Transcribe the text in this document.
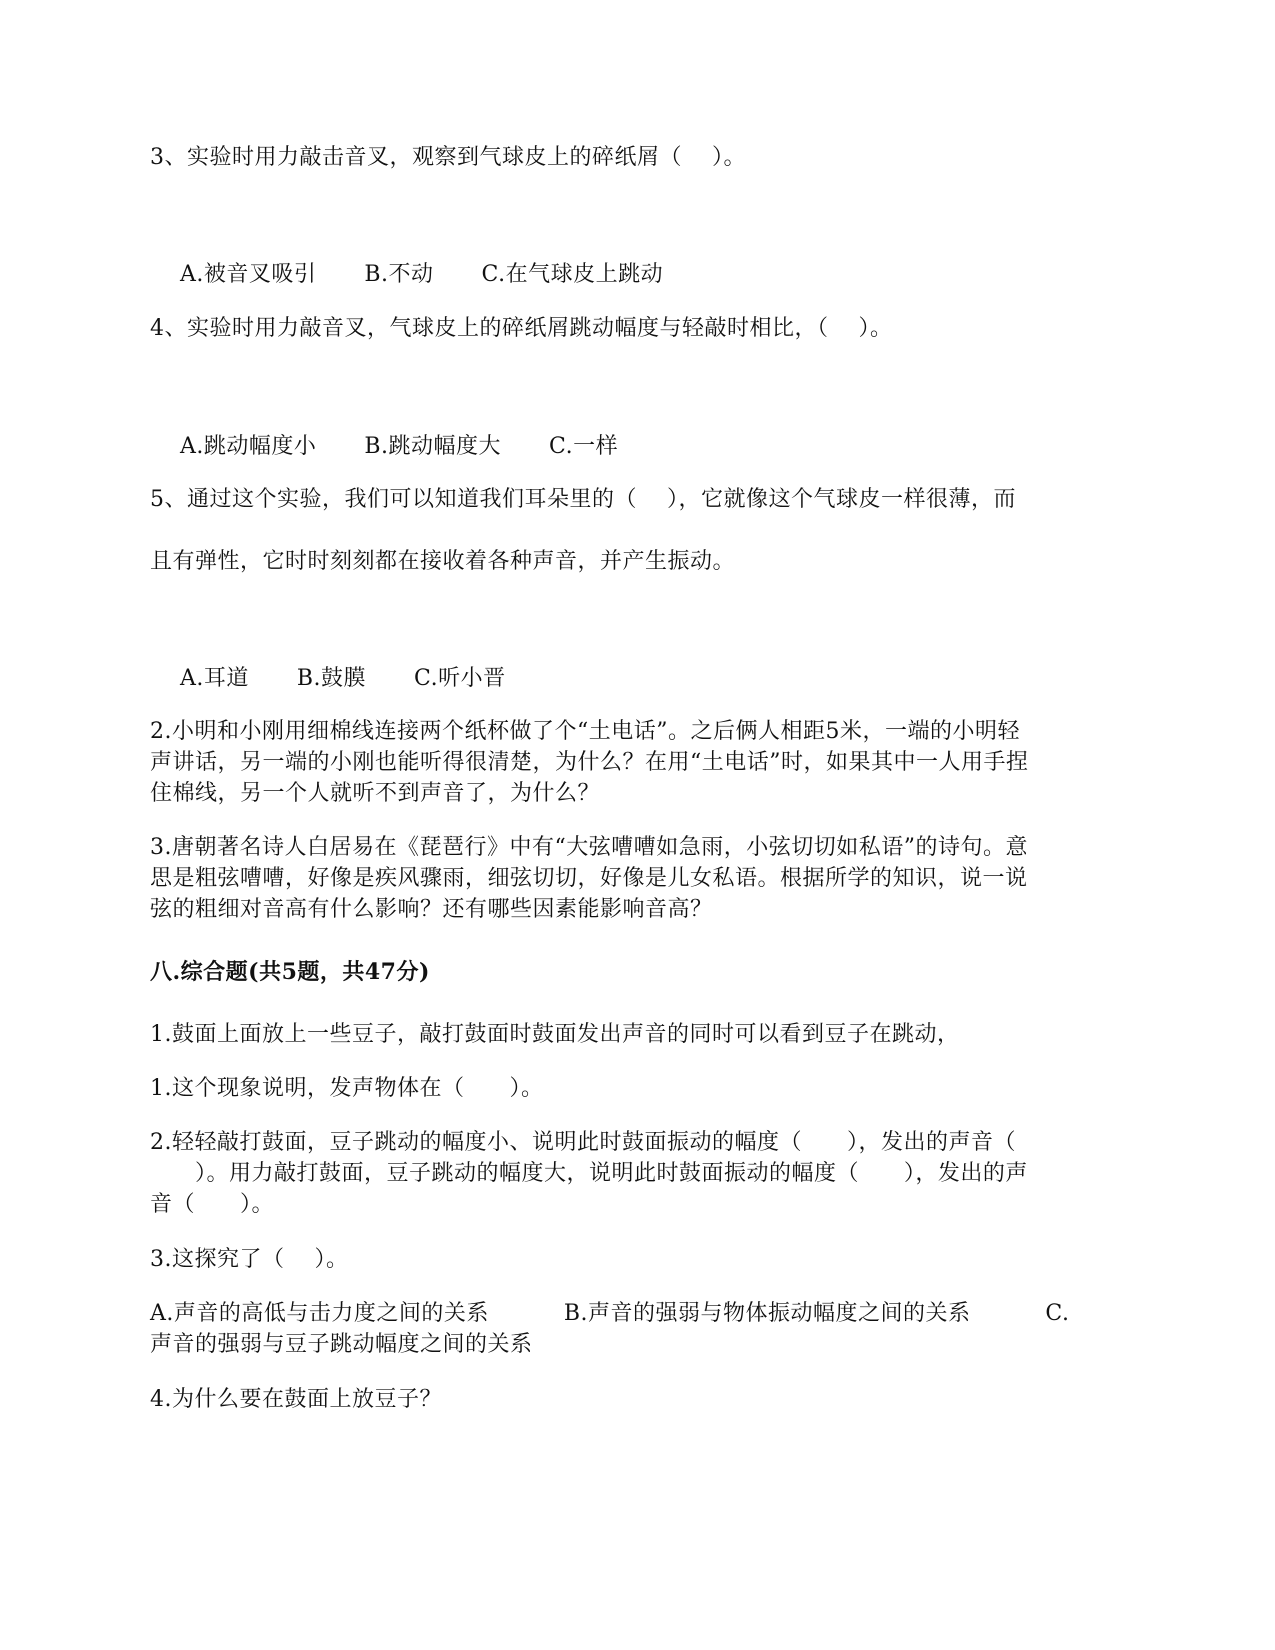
3、实验时用力敲击音叉，观察到气球皮上的碎纸屑（    ）。

A.被音叉吸引 B.不动 C.在气球皮上跳动

4、实验时用力敲音叉，气球皮上的碎纸屑跳动幅度与轻敲时相比，（    ）。

A.跳动幅度小 B.跳动幅度大 C.一样

5、通过这个实验，我们可以知道我们耳朵里的（    ），它就像这个气球皮一样很薄，而
且有弹性，它时时刻刻都在接收着各种声音，并产生振动。

A.耳道 B.鼓膜 C.听小晋

2.小明和小刚用细棉线连接两个纸杯做了个“土电话”。之后俩人相距5米，一端的小明轻
声讲话，另一端的小刚也能听得很清楚，为什么？在用“土电话”时，如果其中一人用手捏
住棉线，另一个人就听不到声音了，为什么？
3.唐朝著名诗人白居易在《琵琶行》中有“大弦嘈嘈如急雨，小弦切切如私语”的诗句。意
思是粗弦嘈嘈，好像是疾风骤雨，细弦切切，好像是儿女私语。根据所学的知识，说一说
弦的粗细对音高有什么影响？还有哪些因素能影响音高？
八.综合题(共5题，共47分)
1.鼓面上面放上一些豆子，敲打鼓面时鼓面发出声音的同时可以看到豆子在跳动，
1.这个现象说明，发声物体在（      ）。
2.轻轻敲打鼓面，豆子跳动的幅度小、说明此时鼓面振动的幅度（      ），发出的声音（
）。用力敲打鼓面，豆子跳动的幅度大，说明此时鼓面振动的幅度（      ），发出的声
音（      ）。
3.这探究了（    ）。
A.声音的高低与击力度之间的关系          B.声音的强弱与物体振动幅度之间的关系          C.
声音的强弱与豆子跳动幅度之间的关系
4.为什么要在鼓面上放豆子？
